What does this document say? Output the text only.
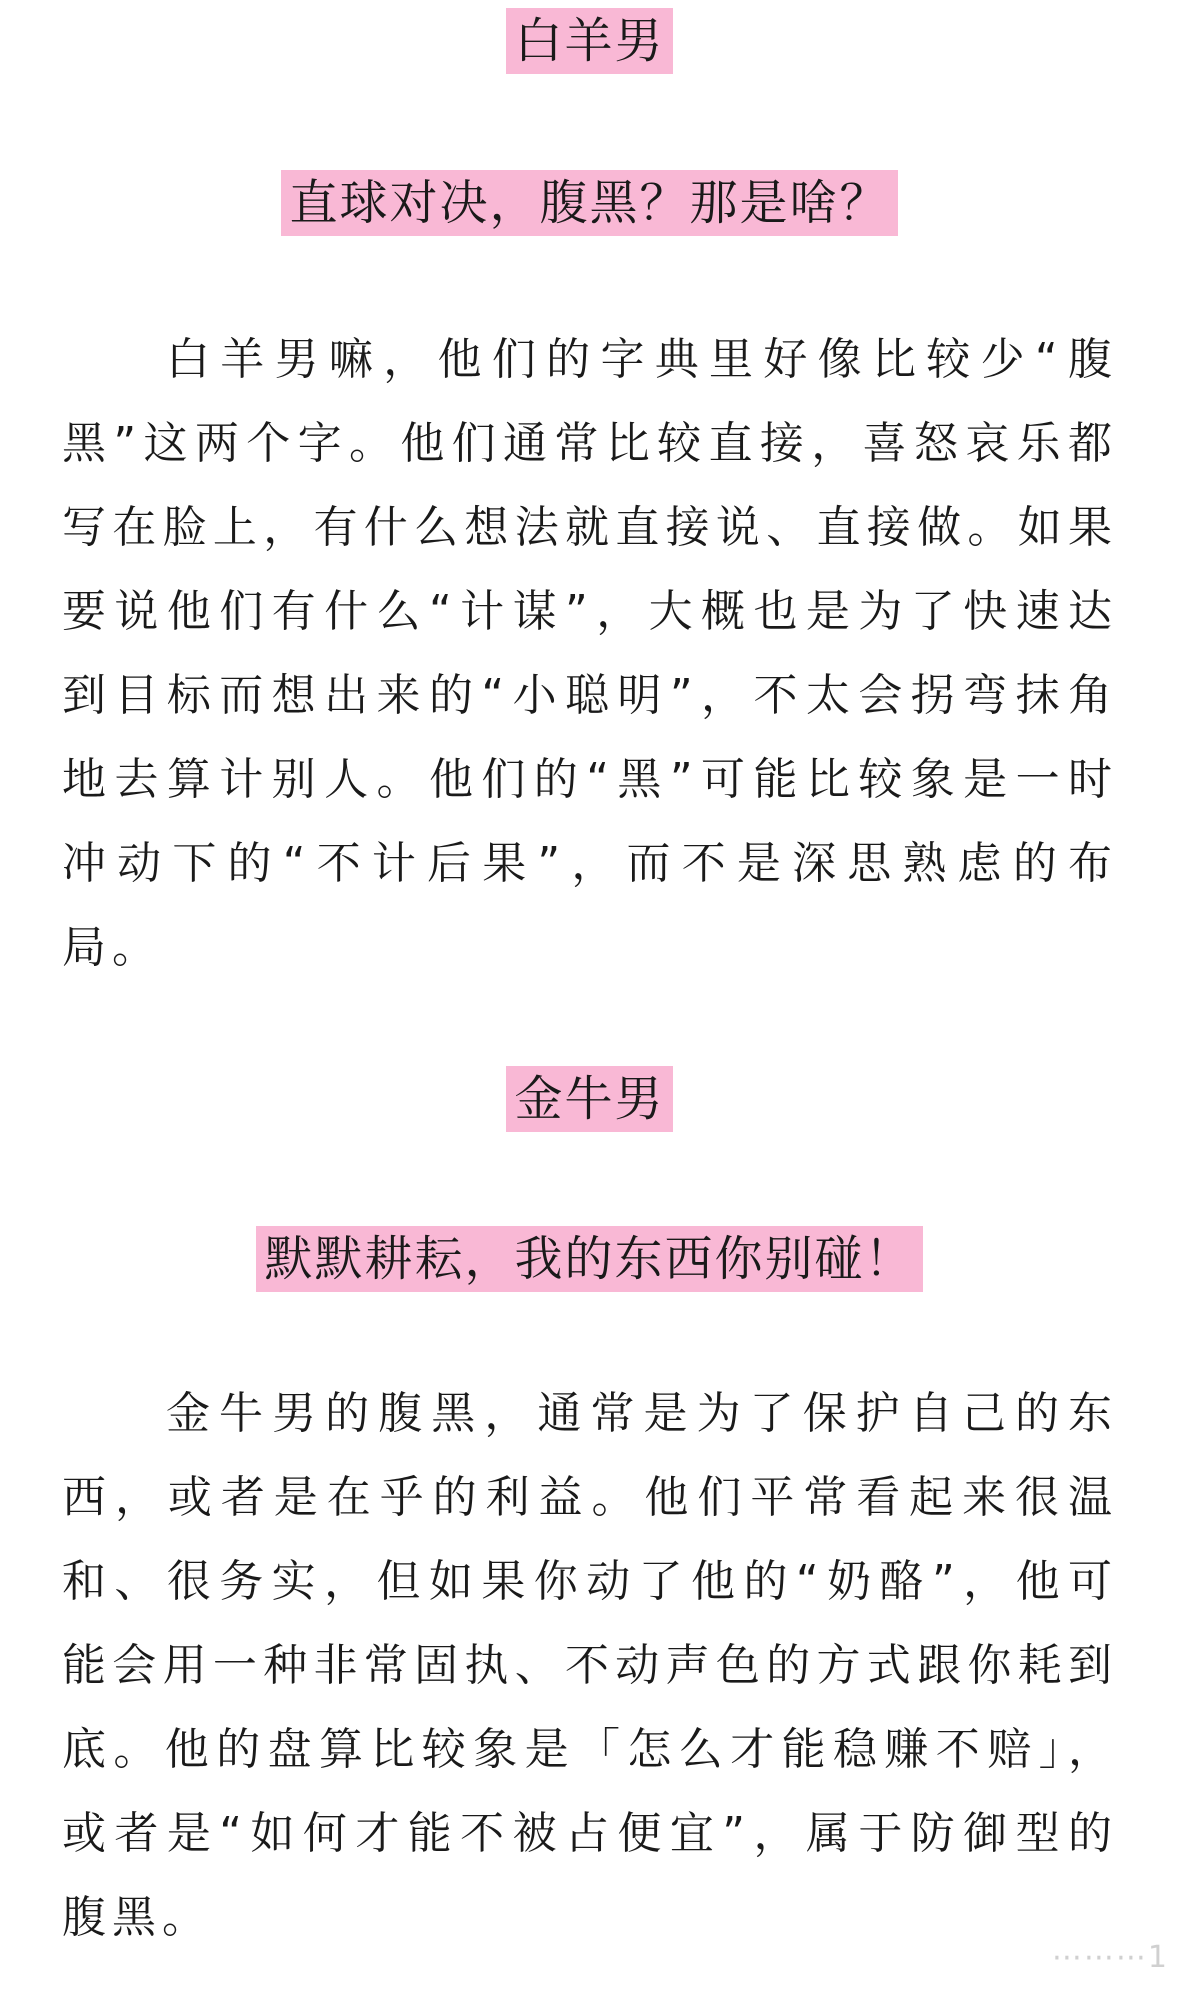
白羊男
直球对决，腹黑？那是啥？

白羊男嘛，他们的字典里好像比较少“腹黑”这两个字。他们通常比较直接，喜怒哀乐都写在脸上，有什么想法就直接说、直接做。如果要说他们有什么“计谋”，大概也是为了快速达到目标而想出来的“小聪明”，不太会拐弯抹角地去算计别人。他们的“黑”可能比较象是一时冲动下的“不计后果”，而不是深思熟虑的布局。

金牛男
默默耕耘，我的东西你别碰！

金牛男的腹黑，通常是为了保护自己的东西，或者是在乎的利益。他们平常看起来很温和、很务实，但如果你动了他的“奶酪”，他可能会用一种非常固执、不动声色的方式跟你耗到底。他的盘算比较象是「怎么才能稳赚不赔」，或者是“如何才能不被占便宜”，属于防御型的腹黑。

⋯⋯⋯1
